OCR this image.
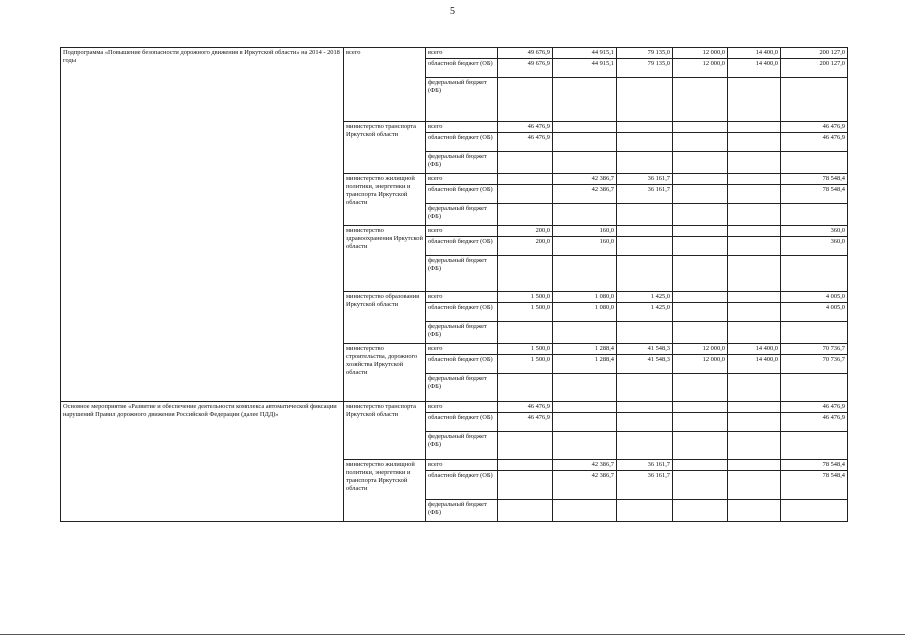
5
Подпрограмма «Повышение безопасности дорожного движения в Иркутской области» на 2014 - 2018 годы	всего	всего	49 676,9	44 915,1	79 135,0	12 000,0	14 400,0	200 127,0
		областной бюджет (ОБ)	49 676,9	44 915,1	79 135,0	12 000,0	14 400,0	200 127,0
		федеральный бюджет (ФБ)						
	министерство транспорта Иркутской области	всего	46 476,9					46 476,9
		областной бюджет (ОБ)	46 476,9					46 476,9
		федеральный бюджет (ФБ)						
	министерство жилищной политики, энергетики и транспорта Иркутской области	всего		42 386,7	36 161,7			78 548,4
		областной бюджет (ОБ)		42 386,7	36 161,7			78 548,4
		федеральный бюджет (ФБ)						
	министерство здравоохранения Иркутской области	всего	200,0	160,0				360,0
		областной бюджет (ОБ)	200,0	160,0				360,0
		федеральный бюджет (ФБ)						
	министерство образования Иркутской области	всего	1 500,0	1 080,0	1 425,0			4 005,0
		областной бюджет (ОБ)	1 500,0	1 080,0	1 425,0			4 005,0
		федеральный бюджет (ФБ)						
	министерство строительства, дорожного хозяйства Иркутской области	всего	1 500,0	1 288,4	41 548,3	12 000,0	14 400,0	70 736,7
		областной бюджет (ОБ)	1 500,0	1 288,4	41 548,3	12 000,0	14 400,0	70 736,7
		федеральный бюджет (ФБ)						
Основное мероприятие «Развитие и обеспечение деятельности комплекса автоматической фиксации нарушений Правил дорожного движения Российской Федерации (далее ПДД)»	министерство транспорта Иркутской области	всего	46 476,9					46 476,9
		областной бюджет (ОБ)	46 476,9					46 476,9
		федеральный бюджет (ФБ)						
	министерство жилищной политики, энергетики и транспорта Иркутской области	всего		42 386,7	36 161,7			78 548,4
		областной бюджет (ОБ)		42 386,7	36 161,7			78 548,4
		федеральный бюджет (ФБ)						
